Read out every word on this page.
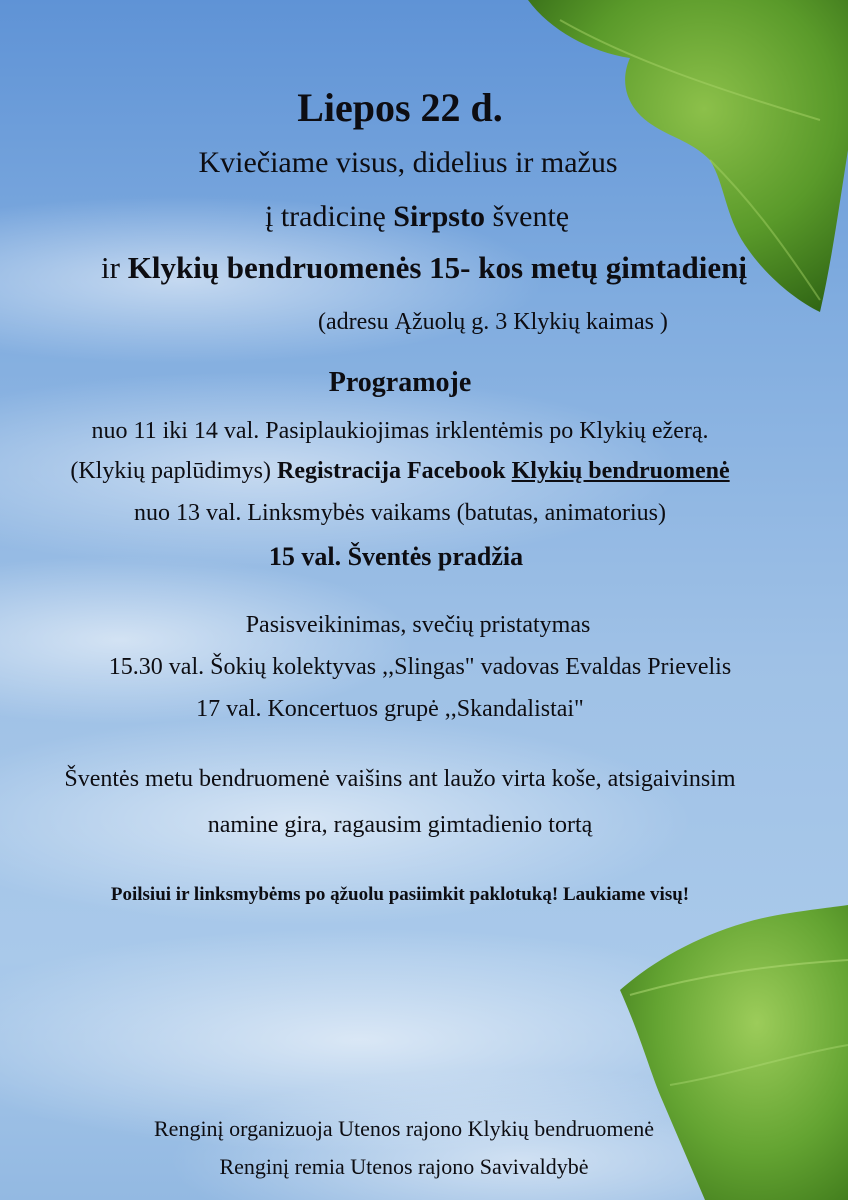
Liepos 22 d.
Kviečiame visus, didelius ir mažus
į tradicinę Sirpsto šventę
ir Klykių bendruomenės 15- kos metų gimtadienį
(adresu Ąžuolų g. 3 Klykių kaimas )
Programoje
nuo 11 iki 14 val. Pasiplaukiojimas irklentėmis po Klykių ežerą.
(Klykių paplūdimys) Registracija Facebook Klykių bendruomenė
nuo 13 val. Linksmybės vaikams (batutas, animatorius)
15 val. Šventės pradžia
Pasisveikinimas, svečių pristatymas
15.30 val. Šokių kolektyvas ,,Slingas" vadovas Evaldas Prievelis
17 val. Koncertuos grupė ,,Skandalistai"
Šventės metu bendruomenė vaišins ant laužo virta koše, atsigaivinsim
namine gira, ragausim gimtadienio tortą
Poilsiui ir linksmybėms po ąžuolu pasiimkit paklotuką! Laukiame visų!
Renginį organizuoja Utenos rajono Klykių bendruomenė
Renginį remia Utenos rajono Savivaldybė
